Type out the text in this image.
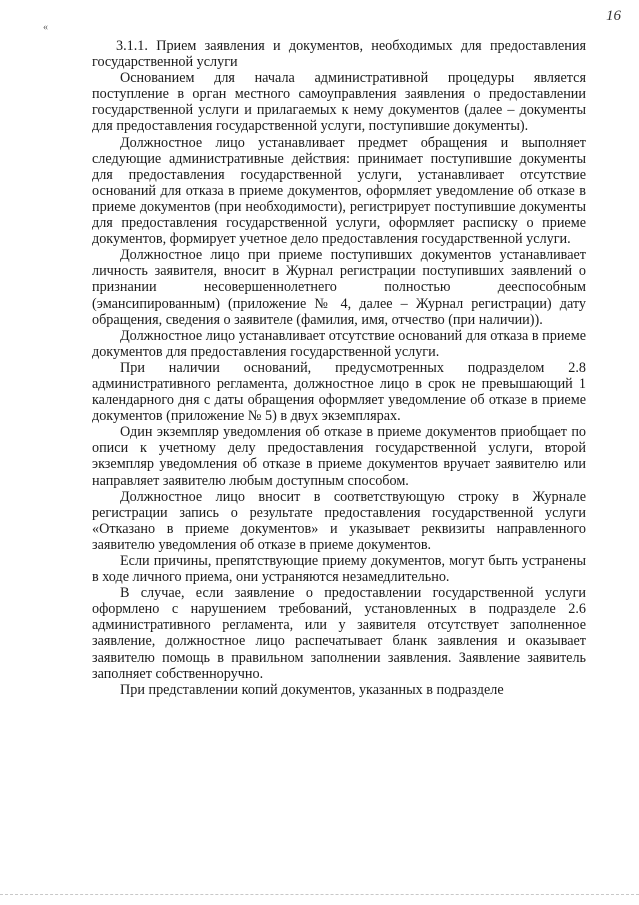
16
«

3.1.1. Прием заявления и документов, необходимых для предоставления государственной услуги

Основанием для начала административной процедуры является поступление в орган местного самоуправления заявления о предоставлении государственной услуги и прилагаемых к нему документов (далее – документы для предоставления государственной услуги, поступившие документы).

Должностное лицо устанавливает предмет обращения и выполняет следующие административные действия: принимает поступившие документы для предоставления государственной услуги, устанавливает отсутствие оснований для отказа в приеме документов, оформляет уведомление об отказе в приеме документов (при необходимости), регистрирует поступившие документы для предоставления государственной услуги, оформляет расписку о приеме документов, формирует учетное дело предоставления государственной услуги.

Должностное лицо при приеме поступивших документов устанавливает личность заявителя, вносит в Журнал регистрации поступивших заявлений о признании несовершеннолетнего полностью дееспособным (эмансипированным) (приложение № 4, далее – Журнал регистрации) дату обращения, сведения о заявителе (фамилия, имя, отчество (при наличии)).

Должностное лицо устанавливает отсутствие оснований для отказа в приеме документов для предоставления государственной услуги.

При наличии оснований, предусмотренных подразделом 2.8 административного регламента, должностное лицо в срок не превышающий 1 календарного дня с даты обращения оформляет уведомление об отказе в приеме документов (приложение № 5) в двух экземплярах.

Один экземпляр уведомления об отказе в приеме документов приобщает по описи к учетному делу предоставления государственной услуги, второй экземпляр уведомления об отказе в приеме документов вручает заявителю или направляет заявителю любым доступным способом.

Должностное лицо вносит в соответствующую строку в Журнале регистрации запись о результате предоставления государственной услуги «Отказано в приеме документов» и указывает реквизиты направленного заявителю уведомления об отказе в приеме документов.

Если причины, препятствующие приему документов, могут быть устранены в ходе личного приема, они устраняются незамедлительно.

В случае, если заявление о предоставлении государственной услуги оформлено с нарушением требований, установленных в подразделе 2.6 административного регламента, или у заявителя отсутствует заполненное заявление, должностное лицо распечатывает бланк заявления и оказывает заявителю помощь в правильном заполнении заявления. Заявление заявитель заполняет собственноручно.

При представлении копий документов, указанных в подразделе
